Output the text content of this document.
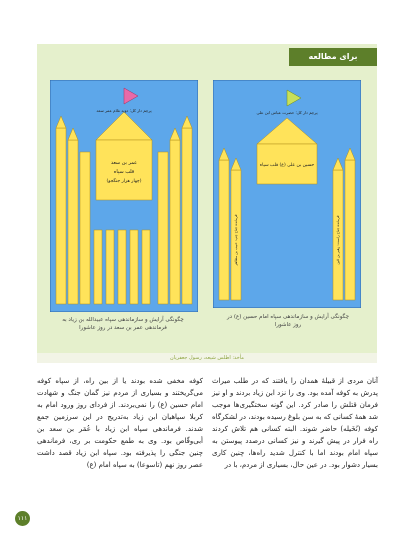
برای مطالعه
پرچم دار کل: حضرت عباس ابن علی
حسین بن علی (ع) قلب سپاه
فرمانده جناح چپ: حبیب بن مظاهر	فرمانده جناح راست: زهیر بن قین
پرچم دار کل: دوید غلام عمر سعد
عمر بن سعد
قلب سپاه
(چهار هزار جنگجو)
چگونگی آرایش و سازماندهی سپاه امام حسین (ع) در روز عاشورا
چگونگی آرایش و سازماندهی سپاه عبیدالله بن زیاد به فرماندهی عمر بن سعد در روز عاشورا
مأخذ: اطلس شیعه، رسول جعفریان
آنان مردی از قبیلهٔ همدان را یافتند که در طلب میراث پدرش به کوفه آمده بود. وی را نزد ابن زیاد بردند و او نیز فرمان قتلش را صادر کرد. این گونه سختگیری‌ها موجب شد همهٔ کسانی که به سن بلوغ رسیده بودند، در لشکرگاه کوفه (نُخَیله) حاضر شوند. البته کسانی هم تلاش کردند راه فرار در پیش گیرند و نیز کسانی درصدد پیوستن به سپاه امام بودند اما با کنترل شدید راه‌ها، چنین کاری بسیار دشوار بود. در عین حال، بسیاری از مردم، با در
کوفه مخفی شده بودند یا از بین راه، از سپاه کوفه می‌گریختند و بسیاری از مردم نیز گمان جنگ و شهادت امام حسین (ع) را نمی‌بردند. از فردای روز ورود امام به کربلا سپاهیان ابن زیاد به‌تدریج در این سرزمین جمع شدند. فرماندهی سپاه ابن زیاد با عُمَر بن سعد بن أبی‌وقّاص بود. وی به طمع حکومت بر ری، فرماندهی چنین جنگی را پذیرفته بود. سپاه ابن زیاد قصد داشت عصر روز نهم (تاسوعا) به سپاه امام (ع)
۱۱۱
